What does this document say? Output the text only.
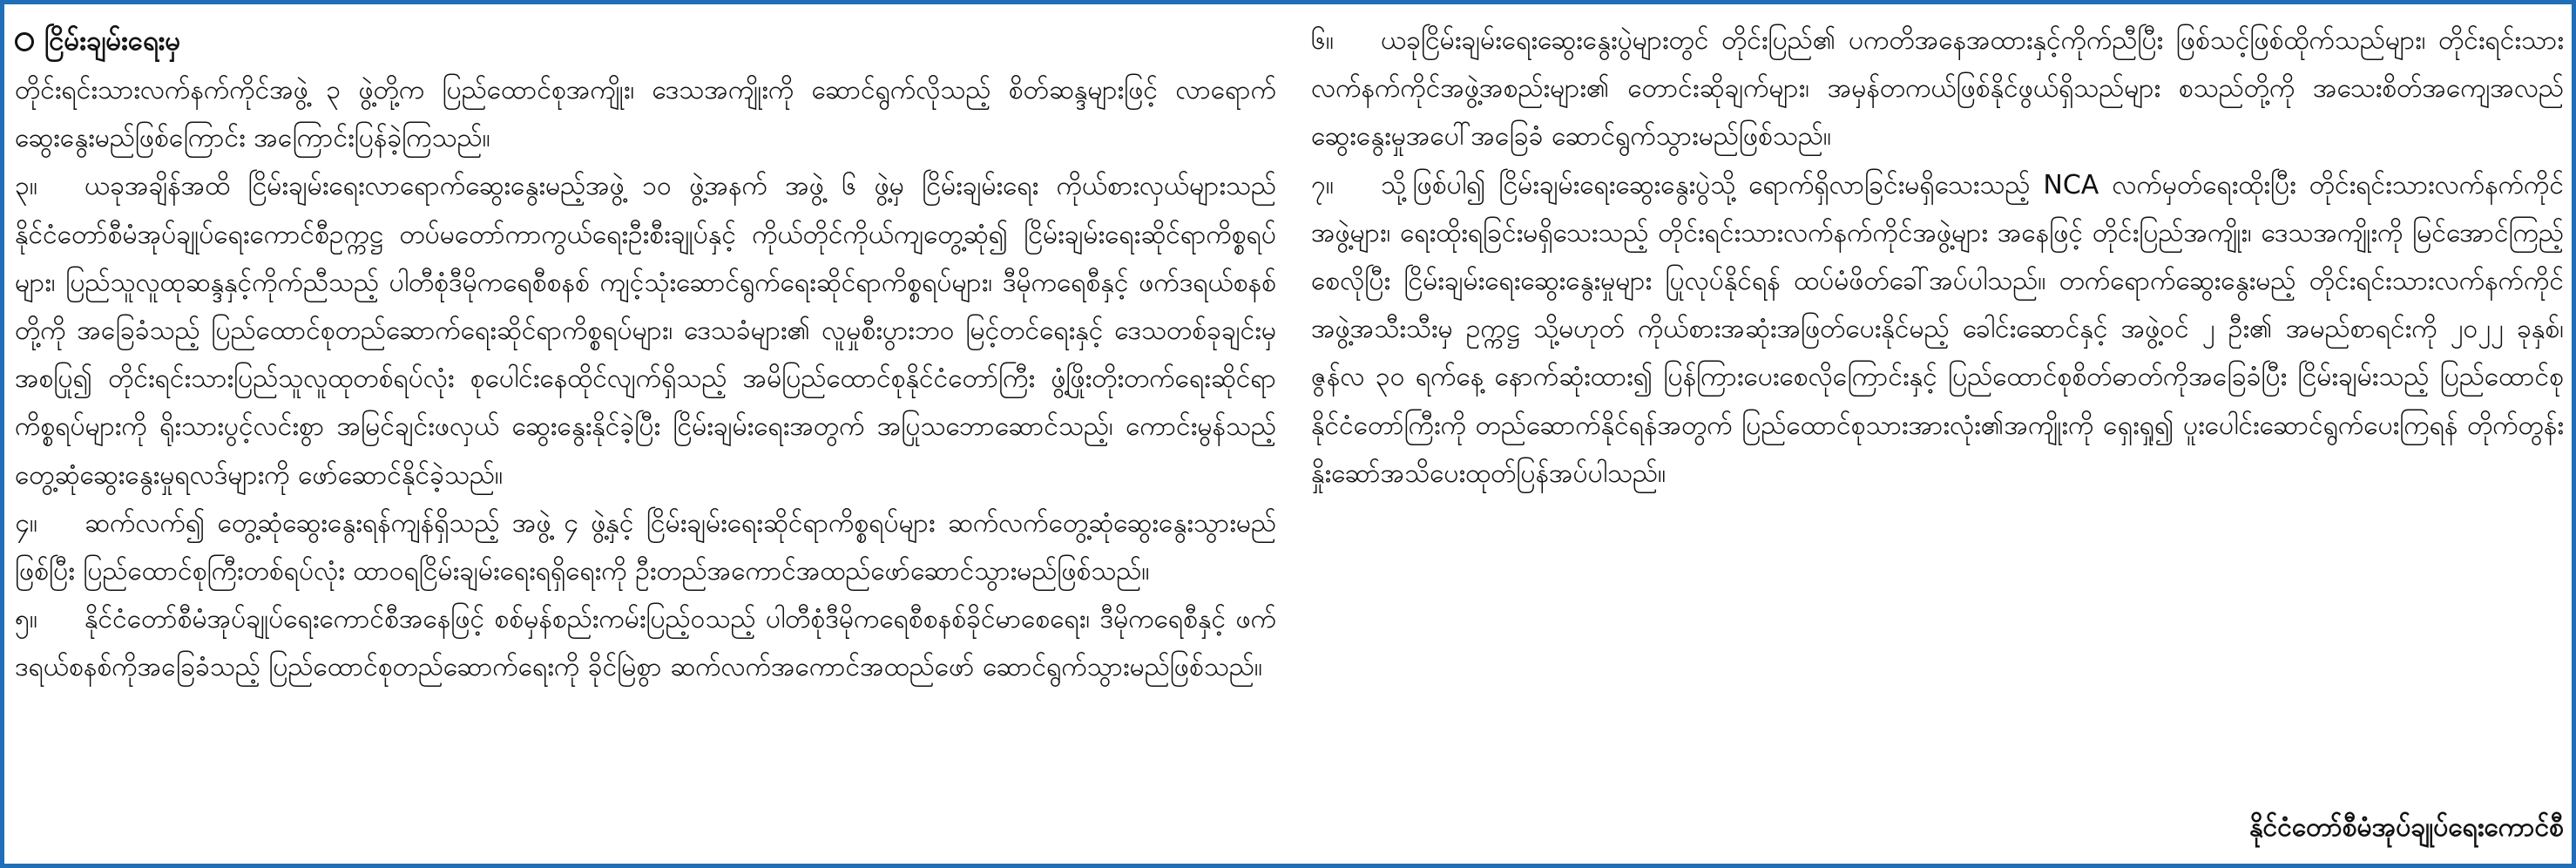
ငြိမ်းချမ်းရေးမှ

တိုင်းရင်းသားလက်နက်ကိုင်အဖွဲ့ ၃ ဖွဲ့တို့က ပြည်ထောင်စုအကျိုး၊ ဒေသအကျိုးကို ဆောင်ရွက်လိုသည့် စိတ်ဆန္ဒများဖြင့် လာရောက်ဆွေးနွေးမည်ဖြစ်ကြောင်း အကြောင်းပြန်ခဲ့ကြသည်။

၃။ ယခုအချိန်အထိ ငြိမ်းချမ်းရေးလာရောက်ဆွေးနွေးမည့်အဖွဲ့ ၁၀ ဖွဲ့အနက် အဖွဲ့ ၆ ဖွဲ့မှ ငြိမ်းချမ်းရေး ကိုယ်စားလှယ်များသည် နိုင်ငံတော်စီမံအုပ်ချုပ်ရေးကောင်စီဥက္ကဋ္ဌ တပ်မတော်ကာကွယ်ရေးဦးစီးချုပ်နှင့် ကိုယ်တိုင်ကိုယ်ကျတွေ့ဆုံ၍ ငြိမ်းချမ်းရေးဆိုင်ရာကိစ္စရပ်များ၊ ပြည်သူလူထုဆန္ဒနှင့်ကိုက်ညီသည့် ပါတီစုံဒီမိုကရေစီစနစ် ကျင့်သုံးဆောင်ရွက်ရေးဆိုင်ရာကိစ္စရပ်များ၊ ဒီမိုကရေစီနှင့် ဖက်ဒရယ်စနစ်တို့ကို အခြေခံသည့် ပြည်ထောင်စုတည်ဆောက်ရေးဆိုင်ရာကိစ္စရပ်များ၊ ဒေသခံများ၏ လူမှုစီးပွားဘဝ မြင့်တင်ရေးနှင့် ဒေသတစ်ခုချင်းမှအစပြု၍ တိုင်းရင်းသားပြည်သူလူထုတစ်ရပ်လုံး စုပေါင်းနေထိုင်လျက်ရှိသည့် အမိပြည်ထောင်စုနိုင်ငံတော်ကြီး ဖွံ့ဖြိုးတိုးတက်ရေးဆိုင်ရာ ကိစ္စရပ်များကို ရိုးသားပွင့်လင်းစွာ အမြင်ချင်းဖလှယ် ဆွေးနွေးနိုင်ခဲ့ပြီး ငြိမ်းချမ်းရေးအတွက် အပြုသဘောဆောင်သည့်၊ ကောင်းမွန်သည့် တွေ့ဆုံဆွေးနွေးမှုရလဒ်များကို ဖော်ဆောင်နိုင်ခဲ့သည်။

၄။ ဆက်လက်၍ တွေ့ဆုံဆွေးနွေးရန်ကျန်ရှိသည့် အဖွဲ့ ၄ ဖွဲ့နှင့် ငြိမ်းချမ်းရေးဆိုင်ရာကိစ္စရပ်များ ဆက်လက်တွေ့ဆုံဆွေးနွေးသွားမည်ဖြစ်ပြီး ပြည်ထောင်စုကြီးတစ်ရပ်လုံး ထာဝရငြိမ်းချမ်းရေးရရှိရေးကို ဦးတည်အကောင်အထည်ဖော်ဆောင်သွားမည်ဖြစ်သည်။

၅။ နိုင်ငံတော်စီမံအုပ်ချုပ်ရေးကောင်စီအနေဖြင့် စစ်မှန်စည်းကမ်းပြည့်ဝသည့် ပါတီစုံဒီမိုကရေစီစနစ်ခိုင်မာစေရေး၊ ဒီမိုကရေစီနှင့် ဖက်ဒရယ်စနစ်ကိုအခြေခံသည့် ပြည်ထောင်စုတည်ဆောက်ရေးကို ခိုင်မြဲစွာ ဆက်လက်အကောင်အထည်ဖော် ဆောင်ရွက်သွားမည်ဖြစ်သည်။

၆။ ယခုငြိမ်းချမ်းရေးဆွေးနွေးပွဲများတွင် တိုင်းပြည်၏ ပကတိအနေအထားနှင့်ကိုက်ညီပြီး ဖြစ်သင့်ဖြစ်ထိုက်သည်များ၊ တိုင်းရင်းသားလက်နက်ကိုင်အဖွဲ့အစည်းများ၏ တောင်းဆိုချက်များ၊ အမှန်တကယ်ဖြစ်နိုင်ဖွယ်ရှိသည်များ စသည်တို့ကို အသေးစိတ်အကျေအလည် ဆွေးနွေးမှုအပေါ်အခြေခံ ဆောင်ရွက်သွားမည်ဖြစ်သည်။

၇။ သို့ဖြစ်ပါ၍ ငြိမ်းချမ်းရေးဆွေးနွေးပွဲသို့ ရောက်ရှိလာခြင်းမရှိသေးသည့် NCA လက်မှတ်ရေးထိုးပြီး တိုင်းရင်းသားလက်နက်ကိုင်အဖွဲ့များ၊ ရေးထိုးရခြင်းမရှိသေးသည့် တိုင်းရင်းသားလက်နက်ကိုင်အဖွဲ့များ အနေဖြင့် တိုင်းပြည်အကျိုး၊ ဒေသအကျိုးကို မြင်အောင်ကြည့်စေလိုပြီး ငြိမ်းချမ်းရေးဆွေးနွေးမှုများ ပြုလုပ်နိုင်ရန် ထပ်မံဖိတ်ခေါ်အပ်ပါသည်။ တက်ရောက်ဆွေးနွေးမည့် တိုင်းရင်းသားလက်နက်ကိုင်အဖွဲ့အသီးသီးမှ ဥက္ကဋ္ဌ သို့မဟုတ် ကိုယ်စားအဆုံးအဖြတ်ပေးနိုင်မည့် ခေါင်းဆောင်နှင့် အဖွဲ့ဝင် ၂ ဦး၏ အမည်စာရင်းကို ၂၀၂၂ ခုနှစ်၊ ဇွန်လ ၃၀ ရက်နေ့ နောက်ဆုံးထား၍ ပြန်ကြားပေးစေလိုကြောင်းနှင့် ပြည်ထောင်စုစိတ်ဓာတ်ကိုအခြေခံပြီး ငြိမ်းချမ်းသည့် ပြည်ထောင်စုနိုင်ငံတော်ကြီးကို တည်ဆောက်နိုင်ရန်အတွက် ပြည်ထောင်စုသားအားလုံး၏အကျိုးကို ရှေးရှု၍ ပူးပေါင်းဆောင်ရွက်ပေးကြရန် တိုက်တွန်းနှိုးဆော်အသိပေးထုတ်ပြန်အပ်ပါသည်။

နိုင်ငံတော်စီမံအုပ်ချုပ်ရေးကောင်စီ
